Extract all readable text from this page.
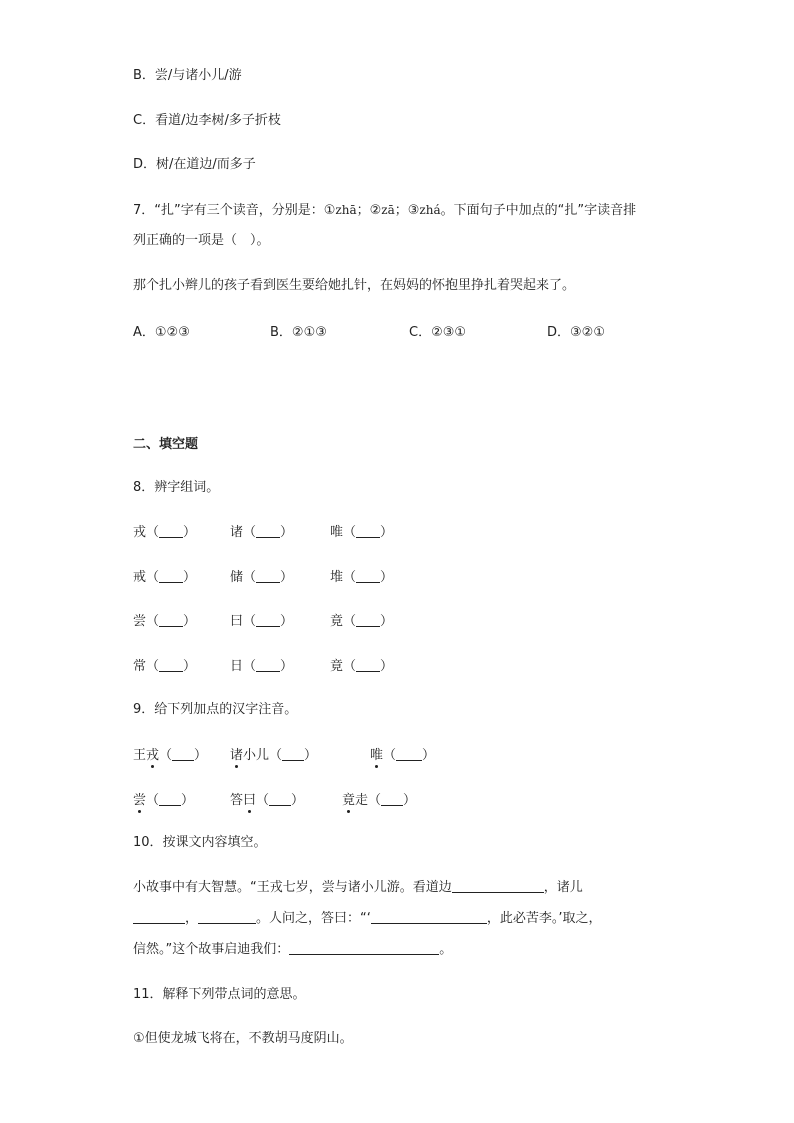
B．尝/与诸小儿/游
C．看道/边李树/多子折枝
D．树/在道边/而多子
7．“扎”字有三个读音，分别是：①zhā；②zā；③zhá。下面句子中加点的“扎”字读音排
列正确的一项是（　）。
那个扎小辫儿的孩子看到医生要给她扎针，在妈妈的怀抱里挣扎着哭起来了。
A．①②③	B．②①③	C．②③①	D．③②①
二、填空题
8．辨字组词。
戎（ ）	诸（ ）	唯（ ）
戒（ ）	储（ ）	堆（ ）
尝（ ）	曰（ ）	竟（ ）
常（ ）	日（ ）	竟（ ）
9．给下列加点的汉字注音。
王戎（ ） 诸小儿（ ）	唯（ ）
尝（ ）	答曰（ ）	竟走（ ）
10．按课文内容填空。
小故事中有大智慧。“王戎七岁，尝与诸小儿游。看道边	，诸儿
，	。人问之，答曰：“‘	，此必苦李。’取之，
信然。”这个故事启迪我们：	。
11．解释下列带点词的意思。
①但使龙城飞将在，不教胡马度阴山。
